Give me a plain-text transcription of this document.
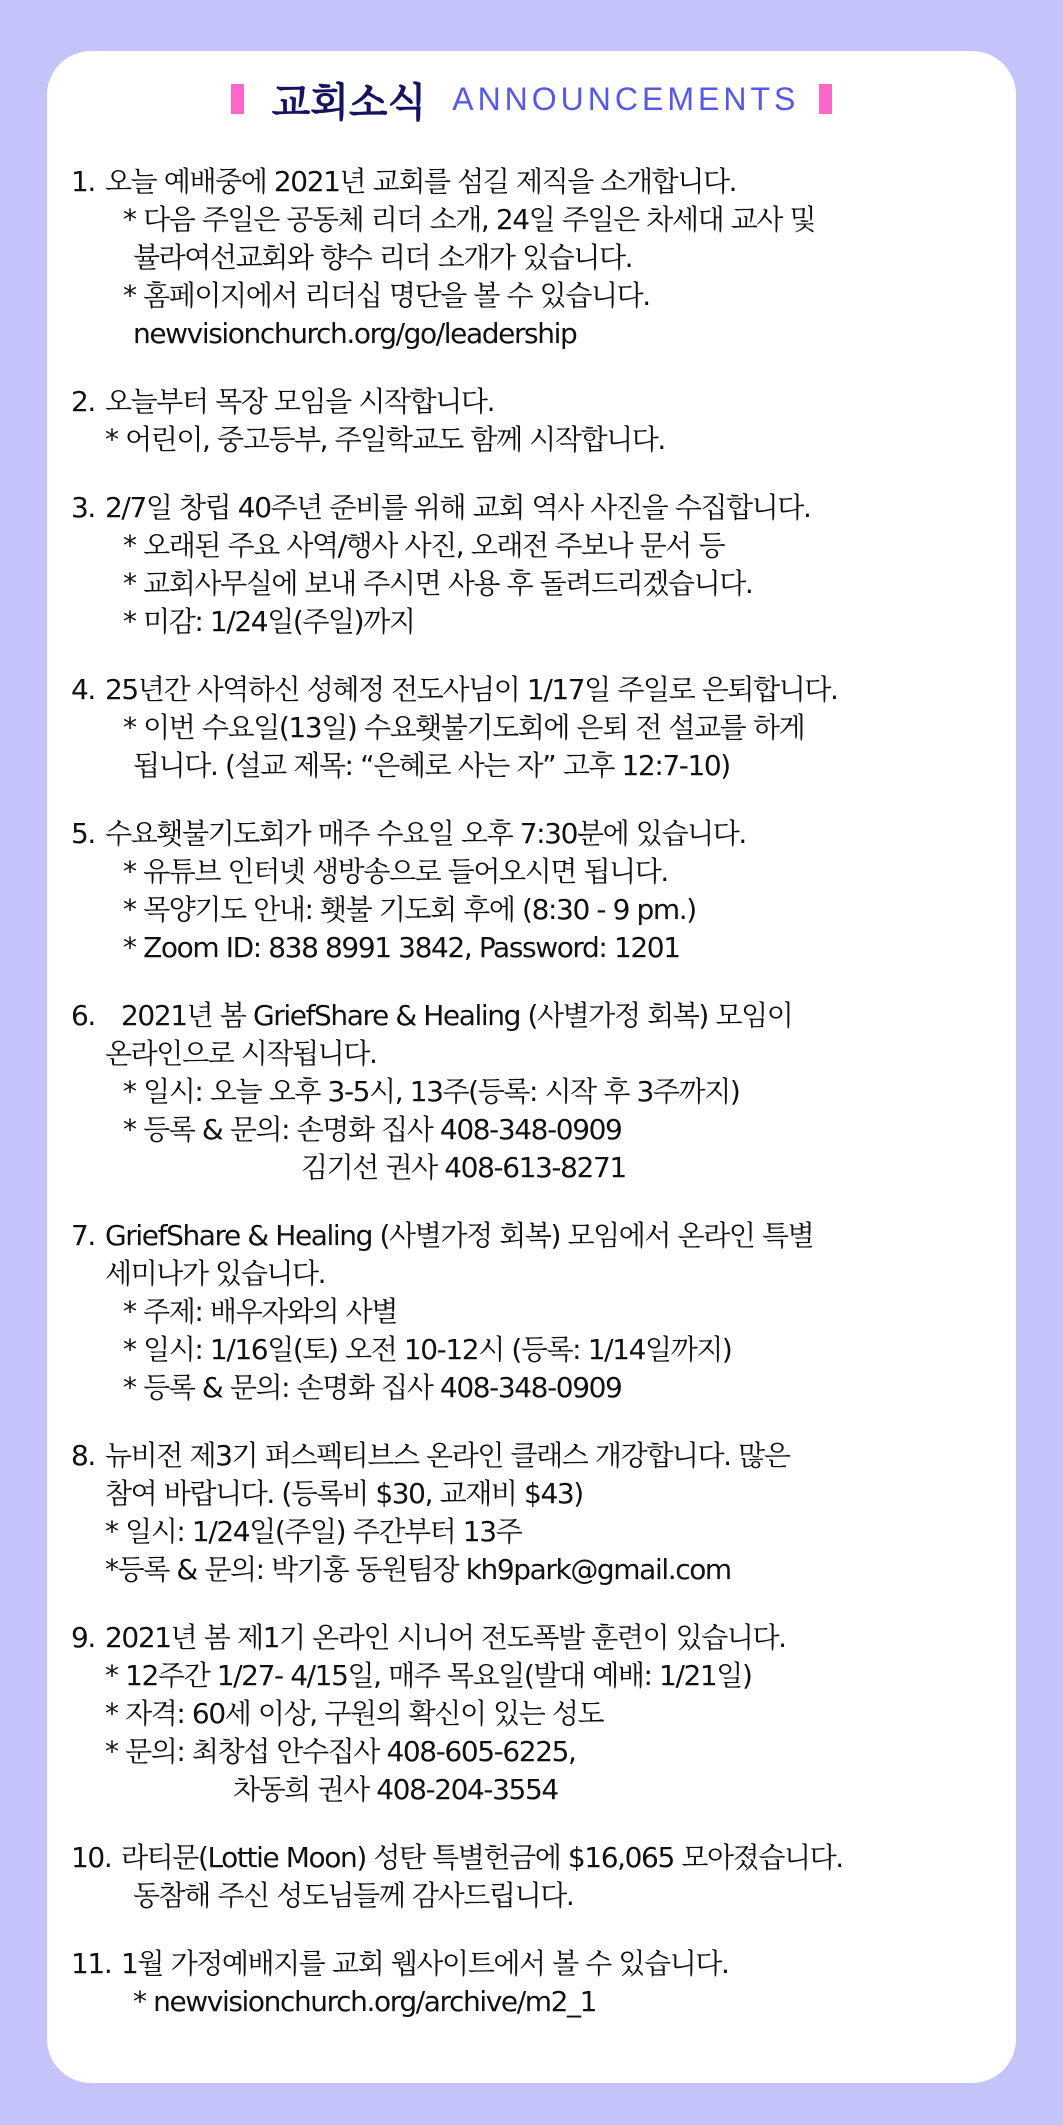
교회소식 ANNOUNCEMENTS
1. 오늘 예배중에 2021년 교회를 섬길 제직을 소개합니다.
* 다음 주일은 공동체 리더 소개, 24일 주일은 차세대 교사 및
뷸라여선교회와 향수 리더 소개가 있습니다.
* 홈페이지에서 리더십 명단을 볼 수 있습니다.
newvisionchurch.org/go/leadership
2. 오늘부터 목장 모임을 시작합니다.
* 어린이, 중고등부, 주일학교도 함께 시작합니다.
3. 2/7일 창립 40주년 준비를 위해 교회 역사 사진을 수집합니다.
* 오래된 주요 사역/행사 사진, 오래전 주보나 문서 등
* 교회사무실에 보내 주시면 사용 후 돌려드리겠습니다.
* 미감: 1/24일(주일)까지
4. 25년간 사역하신 성혜정 전도사님이 1/17일 주일로 은퇴합니다.
* 이번 수요일(13일) 수요횃불기도회에 은퇴 전 설교를 하게
됩니다. (설교 제목: “은혜로 사는 자” 고후 12:7-10)
5. 수요횃불기도회가 매주 수요일 오후 7:30분에 있습니다.
* 유튜브 인터넷 생방송으로 들어오시면 됩니다.
* 목양기도 안내: 횃불 기도회 후에 (8:30 - 9 pm.)
* Zoom ID: 838 8991 3842, Password: 1201
6. 2021년 봄 GriefShare & Healing (사별가정 회복) 모임이
온라인으로 시작됩니다.
* 일시: 오늘 오후 3-5시, 13주(등록: 시작 후 3주까지)
* 등록 & 문의: 손명화 집사 408-348-0909
김기선 권사 408-613-8271
7. GriefShare & Healing (사별가정 회복) 모임에서 온라인 특별
세미나가 있습니다.
* 주제: 배우자와의 사별
* 일시: 1/16일(토) 오전 10-12시 (등록: 1/14일까지)
* 등록 & 문의: 손명화 집사 408-348-0909
8. 뉴비전 제3기 퍼스펙티브스 온라인 클래스 개강합니다. 많은
참여 바랍니다. (등록비 $30, 교재비 $43)
* 일시: 1/24일(주일) 주간부터 13주
*등록 & 문의: 박기홍 동원팀장 kh9park@gmail.com
9. 2021년 봄 제1기 온라인 시니어 전도폭발 훈련이 있습니다.
* 12주간 1/27- 4/15일, 매주 목요일(발대 예배: 1/21일)
* 자격: 60세 이상, 구원의 확신이 있는 성도
* 문의: 최창섭 안수집사 408-605-6225,
차동희 권사 408-204-3554
10. 라티문(Lottie Moon) 성탄 특별헌금에 $16,065 모아졌습니다.
동참해 주신 성도님들께 감사드립니다.
11. 1월 가정예배지를 교회 웹사이트에서 볼 수 있습니다.
* newvisionchurch.org/archive/m2_1
